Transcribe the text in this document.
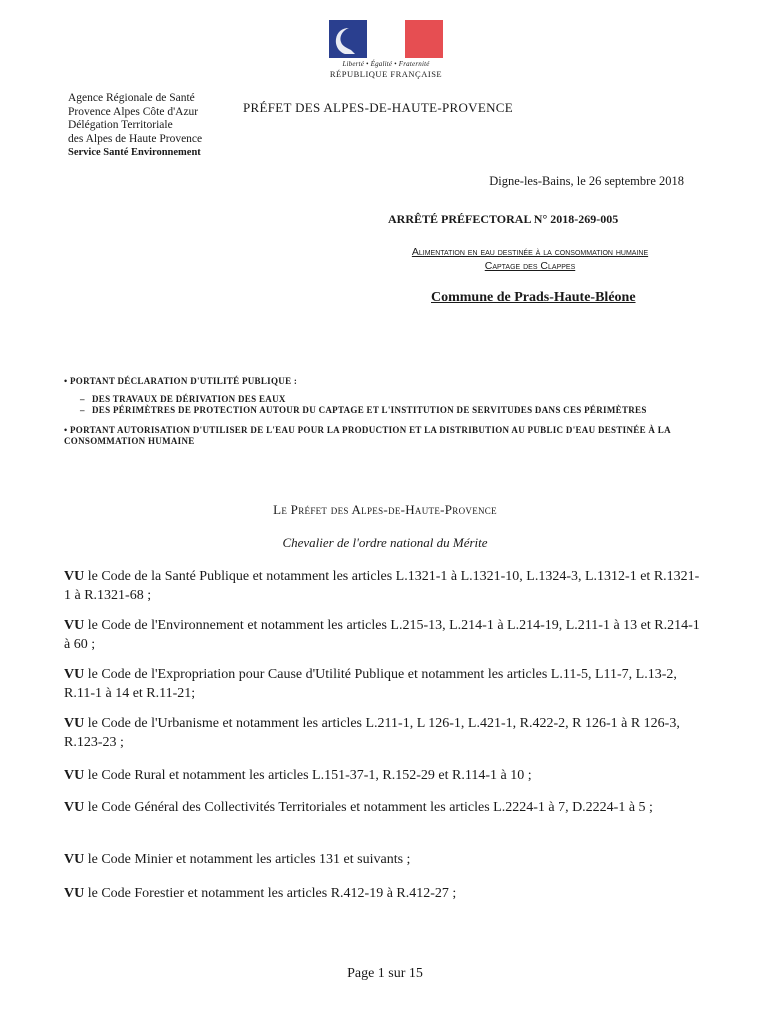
Liberté • Égalité • Fraternité
RÉPUBLIQUE FRANÇAISE
Agence Régionale de Santé
Provence Alpes Côte d'Azur
Délégation Territoriale
des Alpes de Haute Provence
Service Santé Environnement
PRÉFET DES ALPES-DE-HAUTE-PROVENCE
Digne-les-Bains, le 26 septembre 2018
ARRÊTÉ PRÉFECTORAL N° 2018-269-005
Alimentation en eau destinée à la consommation humaine
Captage des Clappes
Commune de Prads-Haute-Bléone
• PORTANT DÉCLARATION D'UTILITÉ PUBLIQUE :
– DES TRAVAUX DE DÉRIVATION DES EAUX
– DES PÉRIMÈTRES DE PROTECTION AUTOUR DU CAPTAGE ET L'INSTITUTION DE SERVITUDES DANS CES PÉRIMÈTRES
• PORTANT AUTORISATION D'UTILISER DE L'EAU POUR LA PRODUCTION ET LA DISTRIBUTION AU PUBLIC D'EAU DESTINÉE À LA CONSOMMATION HUMAINE
Le Préfet des Alpes-de-Haute-Provence
Chevalier de l'ordre national du Mérite
VU le Code de la Santé Publique et notamment les articles L.1321-1 à L.1321-10, L.1324-3, L.1312-1 et R.1321-1 à R.1321-68 ;
VU le Code de l'Environnement et notamment les articles L.215-13, L.214-1 à L.214-19, L.211-1 à 13 et R.214-1 à 60 ;
VU le Code de l'Expropriation pour Cause d'Utilité Publique et notamment les articles L.11-5, L11-7, L.13-2, R.11-1 à 14 et R.11-21;
VU le Code de l'Urbanisme et notamment les articles L.211-1, L 126-1, L.421-1, R.422-2, R 126-1 à R 126-3, R.123-23 ;
VU le Code Rural et notamment les articles L.151-37-1, R.152-29 et R.114-1 à 10 ;
VU le Code Général des Collectivités Territoriales et notamment les articles L.2224-1 à 7, D.2224-1 à 5 ;
VU le Code Minier et notamment les articles 131 et suivants ;
VU le Code Forestier et notamment les articles R.412-19 à R.412-27 ;
Page 1 sur 15
